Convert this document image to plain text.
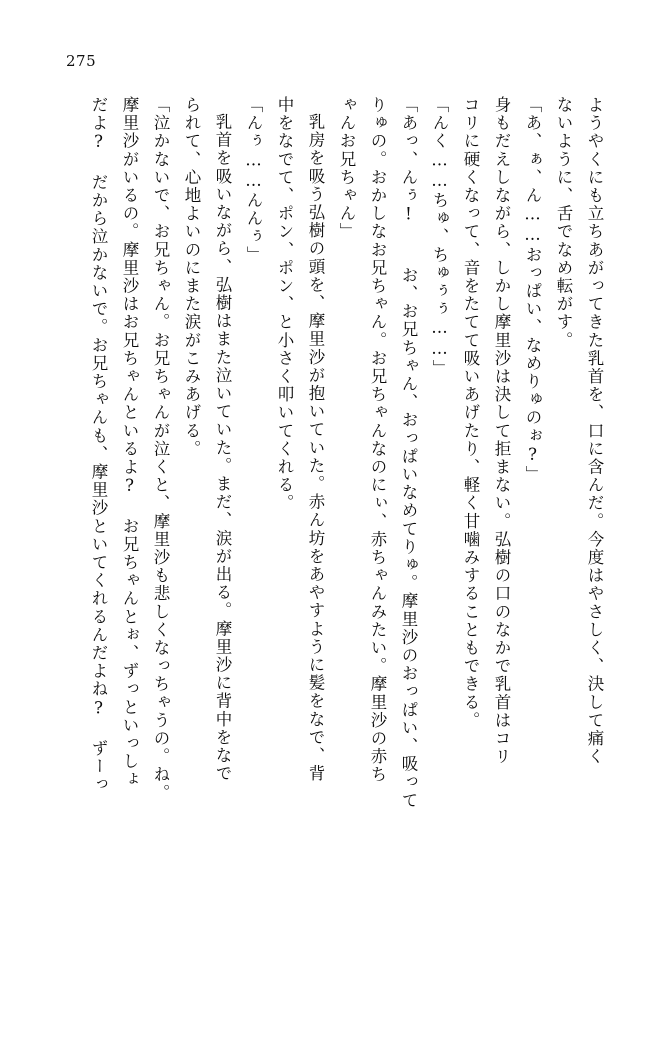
275
ようやくにも立ちあがってきた乳首を、口に含んだ。今度はやさしく、決して痛く
ないように、舌でなめ転がす。
「あ、ぁ、ん……おっぱい、なめりゅのぉ?」
身もだえしながら、しかし摩里沙は決して拒まない。弘樹の口のなかで乳首はコリ
コリに硬くなって、音をたてて吸いあげたり、軽く甘噛みすることもできる。
「んく……ちゅ、ちゅぅぅ……」
「あっ、んぅ!  お、お兄ちゃん、おっぱいなめてりゅ。摩里沙のおっぱい、吸って
りゅの。おかしなお兄ちゃん。お兄ちゃんなのにぃ、赤ちゃんみたい。摩里沙の赤ち
ゃんお兄ちゃん」
乳房を吸う弘樹の頭を、摩里沙が抱いていた。赤ん坊をあやすように髪をなで、背
中をなでて、ポン、ポン、と小さく叩いてくれる。
「んぅ……んんぅ」
乳首を吸いながら、弘樹はまた泣いていた。まだ、涙が出る。摩里沙に背中をなで
られて、心地よいのにまた涙がこみあげる。
「泣かないで、お兄ちゃん。お兄ちゃんが泣くと、摩里沙も悲しくなっちゃうの。ね。
摩里沙がいるの。摩里沙はお兄ちゃんといるよ? お兄ちゃんとぉ、ずっといっしょ
だよ? だから泣かないで。お兄ちゃんも、摩里沙といてくれるんだよね? ずーっ
